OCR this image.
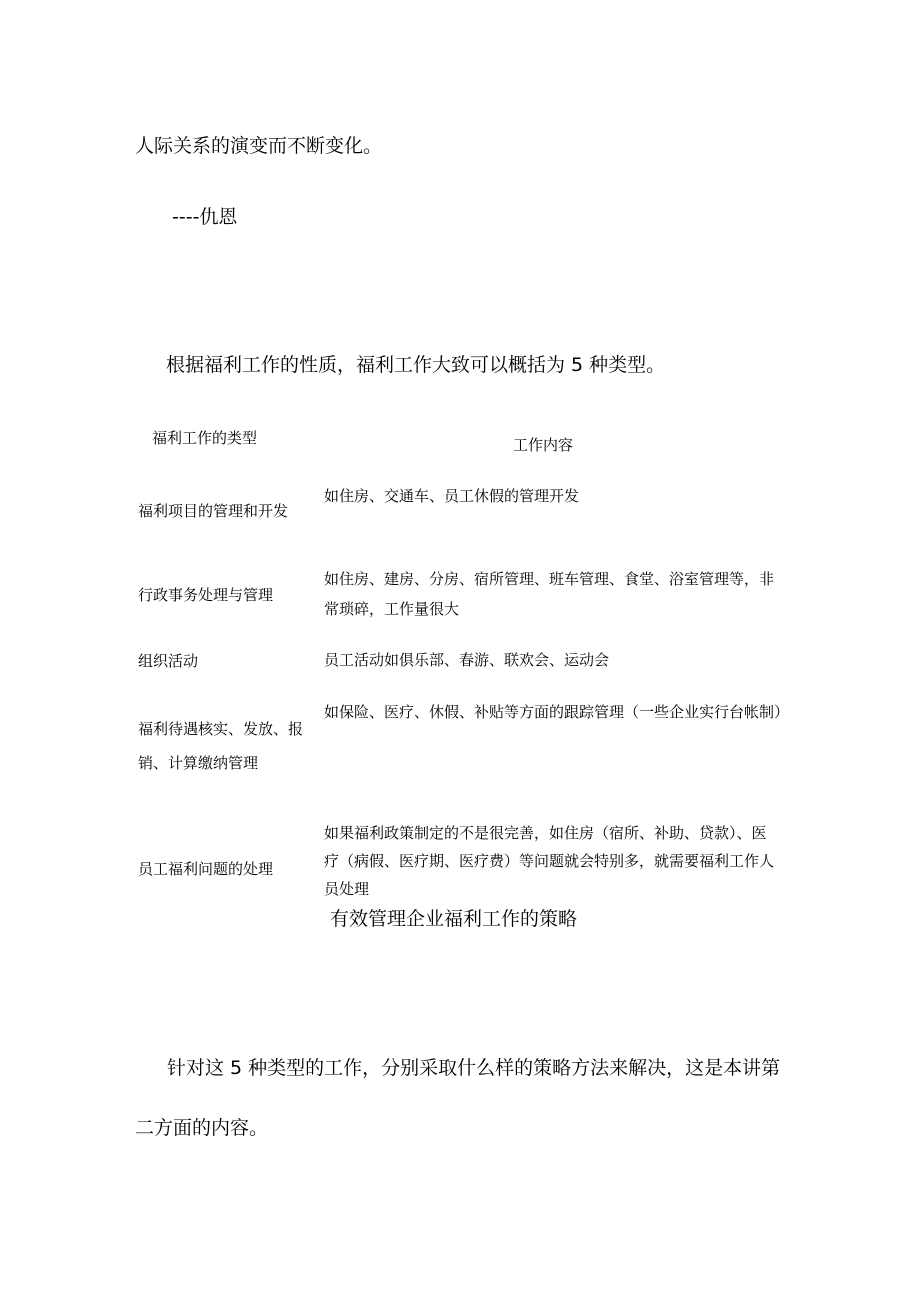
人际关系的演变而不断变化。
----仇恩
根据福利工作的性质，福利工作大致可以概括为 5 种类型。
福利工作的类型	工作内容
福利项目的管理和开发
如住房、交通车、员工休假的管理开发
行政事务处理与管理
如住房、建房、分房、宿所管理、班车管理、食堂、浴室管理等，非常琐碎，工作量很大
组织活动	员工活动如俱乐部、春游、联欢会、运动会
福利待遇核实、发放、报销、计算缴纳管理
如保险、医疗、休假、补贴等方面的跟踪管理（一些企业实行台帐制）
员工福利问题的处理
如果福利政策制定的不是很完善，如住房（宿所、补助、贷款）、医疗（病假、医疗期、医疗费）等问题就会特别多，就需要福利工作人员处理
有效管理企业福利工作的策略
针对这 5 种类型的工作，分别采取什么样的策略方法来解决，这是本讲第二方面的内容。
